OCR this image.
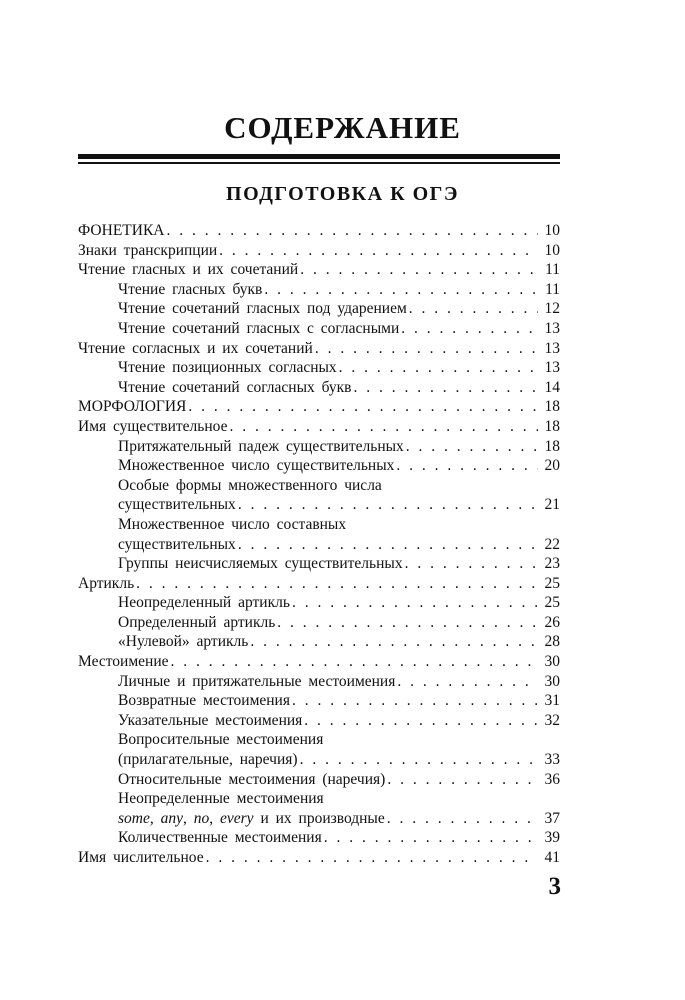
СОДЕРЖАНИЕ
ПОДГОТОВКА К ОГЭ
ФОНЕТИКА . . .	10
Знаки транскрипции . . .	10
Чтение гласных и их сочетаний . . .	11
Чтение гласных букв . . .	11
Чтение сочетаний гласных под ударением . . .	12
Чтение сочетаний гласных с согласными . . .	13
Чтение согласных и их сочетаний . . .	13
Чтение позиционных согласных . . .	13
Чтение сочетаний согласных букв . . .	14
МОРФОЛОГИЯ . . .	18
Имя существительное . . .	18
Притяжательный падеж существительных . . .	18
Множественное число существительных . . .	20
Особые формы множественного числа
существительных . . .	21
Множественное число составных
существительных . . .	22
Группы неисчисляемых существительных . . .	23
Артикль . . .	25
Неопределенный артикль . . .	25
Определенный артикль . . .	26
«Нулевой» артикль . . .	28
Местоимение . . .	30
Личные и притяжательные местоимения . . .	30
Возвратные местоимения . . .	31
Указательные местоимения . . .	32
Вопросительные местоимения
(прилагательные, наречия) . . .	33
Относительные местоимения (наречия) . . .	36
Неопределенные местоимения
some, any, no, every и их производные . . .	37
Количественные местоимения . . .	39
Имя числительное . . .	41
3
